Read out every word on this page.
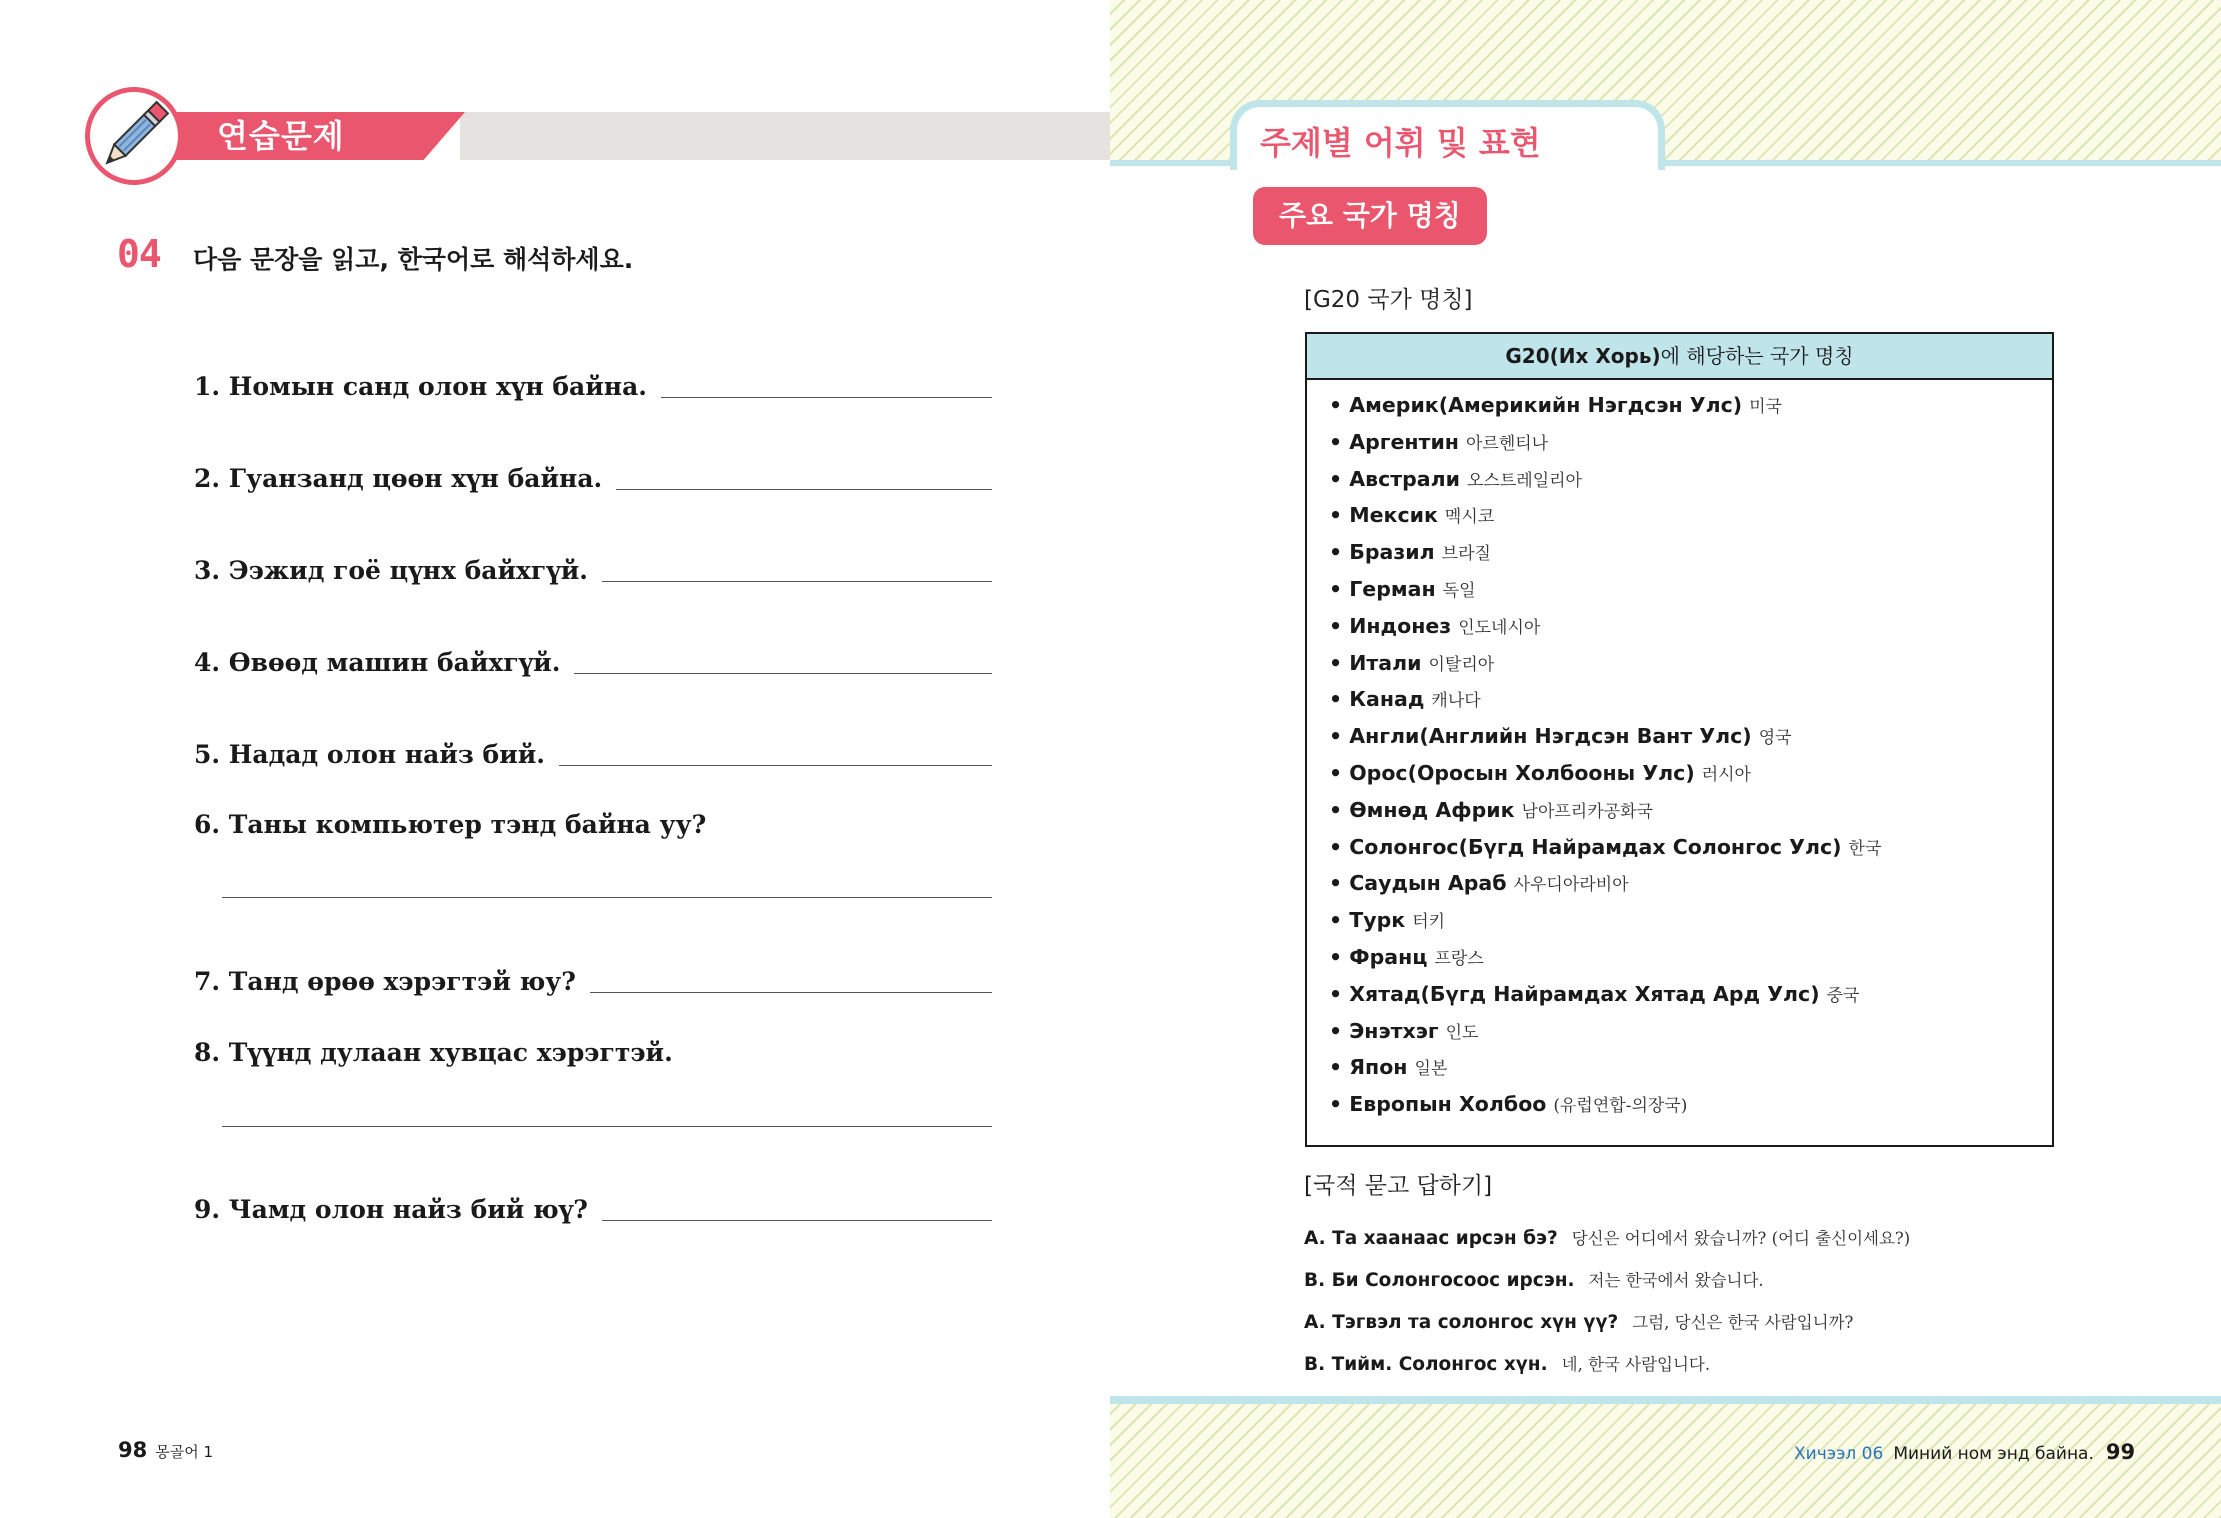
연습문제
04 다음 문장을 읽고, 한국어로 해석하세요.
1. Номын санд олон хүн байна.
2. Гуанзанд цөөн хүн байна.
3. Ээжид гоё цүнх байхгүй.
4. Өвөөд машин байхгүй.
5. Надад олон найз бий.
6. Таны компьютер тэнд байна уу?
7. Танд өрөө хэрэгтэй юу?
8. Түүнд дулаан хувцас хэрэгтэй.
9. Чамд олон найз бий юү?
98 몽골어 1
주제별 어휘 및 표현
주요 국가 명칭
[G20 국가 명칭]
G20(Их Хорь)에 해당하는 국가 명칭
• Америк(Америкийн Нэгдсэн Улс) 미국
• Аргентин 아르헨티나
• Австрали 오스트레일리아
• Мексик 멕시코
• Бразил 브라질
• Герман 독일
• Индонез 인도네시아
• Итали 이탈리아
• Канад 캐나다
• Англи(Английн Нэгдсэн Вант Улс) 영국
• Орос(Оросын Холбооны Улс) 러시아
• Өмнөд Африк 남아프리카공화국
• Солонгос(Бүгд Найрамдах Солонгос Улс) 한국
• Саудын Араб 사우디아라비아
• Турк 터키
• Франц 프랑스
• Хятад(Бүгд Найрамдах Хятад Ард Улс) 중국
• Энэтхэг 인도
• Япон 일본
• Европын Холбоо (유럽연합-의장국)
[국적 묻고 답하기]
A. Та хаанаас ирсэн бэ? 당신은 어디에서 왔습니까? (어디 출신이세요?)
B. Би Солонгосоос ирсэн. 저는 한국에서 왔습니다.
A. Тэгвэл та солонгос хүн үү? 그럼, 당신은 한국 사람입니까?
B. Тийм. Солонгос хүн. 네, 한국 사람입니다.
Хичээл 06 Миний ном энд байна. 99
